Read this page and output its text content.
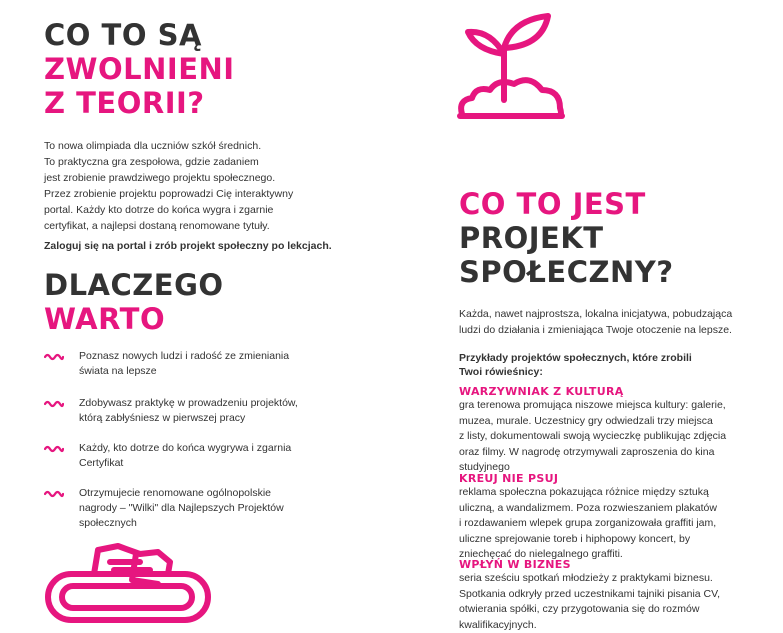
CO TO SĄ
ZWOLNIENI
Z TEORII?
To nowa olimpiada dla uczniów szkół średnich.
To praktyczna gra zespołowa, gdzie zadaniem
jest zrobienie prawdziwego projektu społecznego.
Przez zrobienie projektu poprowadzi Cię interaktywny
portal. Każdy kto dotrze do końca wygra i zgarnie
certyfikat, a najlepsi dostaną renomowane tytuły.
Zaloguj się na portal i zrób projekt społeczny po lekcjach.
DLACZEGO
WARTO
Poznasz nowych ludzi i radość ze zmieniania
świata na lepsze
Zdobywasz praktykę w prowadzeniu projektów,
którą zabłyśniesz w pierwszej pracy
Każdy, kto dotrze do końca wygrywa i zgarnia
Certyfikat
Otrzymujecie renomowane ogólnopolskie
nagrody – "Wilki" dla Najlepszych Projektów
społecznych
CO TO JEST
PROJEKT
SPOŁECZNY?
Każda, nawet najprostsza, lokalna inicjatywa, pobudzająca
ludzi do działania i zmieniająca Twoje otoczenie na lepsze.
Przykłady projektów społecznych, które zrobili
Twoi rówieśnicy:
WARZYWNIAK Z KULTURĄ
gra terenowa promująca niszowe miejsca kultury: galerie,
muzea, murale. Uczestnicy gry odwiedzali trzy miejsca
z listy, dokumentowali swoją wycieczkę publikując zdjęcia
oraz filmy. W nagrodę otrzymywali zaproszenia do kina
studyjnego
KREUJ NIE PSUJ
reklama społeczna pokazująca różnice między sztuką
uliczną, a wandalizmem. Poza rozwieszaniem plakatów
i rozdawaniem wlepek grupa zorganizowała graffiti jam,
uliczne sprejowanie toreb i hiphopowy koncert, by
zniechęcać do nielegalnego graffiti.
WPŁYŃ W BIZNES
seria sześciu spotkań młodzieży z praktykami biznesu.
Spotkania odkryły przed uczestnikami tajniki pisania CV,
otwierania spółki, czy przygotowania się do rozmów
kwalifikacyjnych.
